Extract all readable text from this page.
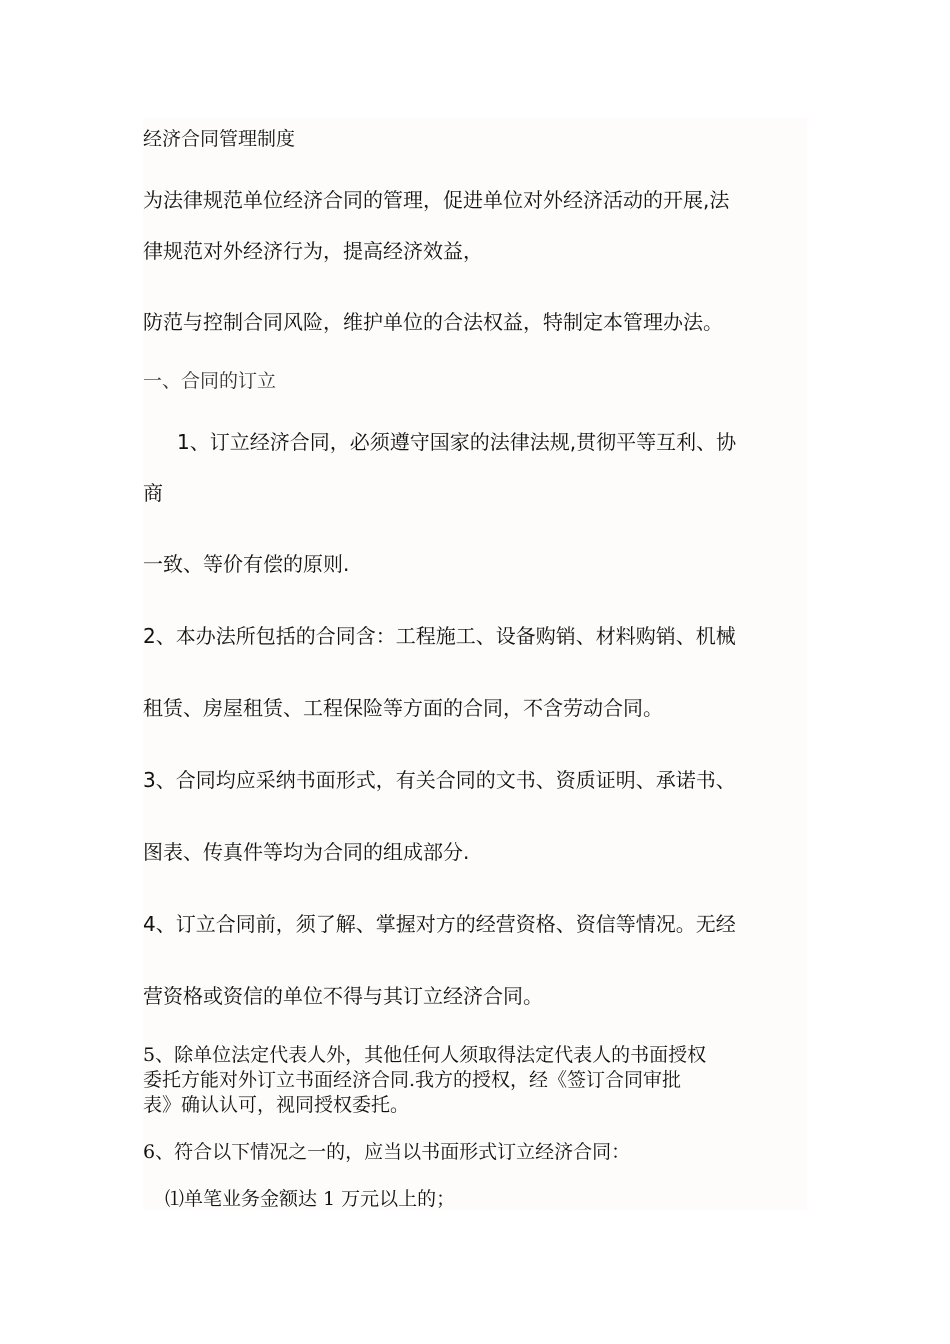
经济合同管理制度
为法律规范单位经济合同的管理，促进单位对外经济活动的开展,法
律规范对外经济行为，提高经济效益，
防范与控制合同风险，维护单位的合法权益，特制定本管理办法。
一、合同的订立
1、订立经济合同，必须遵守国家的法律法规,贯彻平等互利、协
商
一致、等价有偿的原则.
2、本办法所包括的合同含：工程施工、设备购销、材料购销、机械
租赁、房屋租赁、工程保险等方面的合同，不含劳动合同。
3、合同均应采纳书面形式，有关合同的文书、资质证明、承诺书、
图表、传真件等均为合同的组成部分.
4、订立合同前，须了解、掌握对方的经营资格、资信等情况。无经
营资格或资信的单位不得与其订立经济合同。
5、除单位法定代表人外，其他任何人须取得法定代表人的书面授权
委托方能对外订立书面经济合同.我方的授权，经《签订合同审批
表》确认认可，视同授权委托。
6、符合以下情况之一的，应当以书面形式订立经济合同：
⑴单笔业务金额达 1 万元以上的；
